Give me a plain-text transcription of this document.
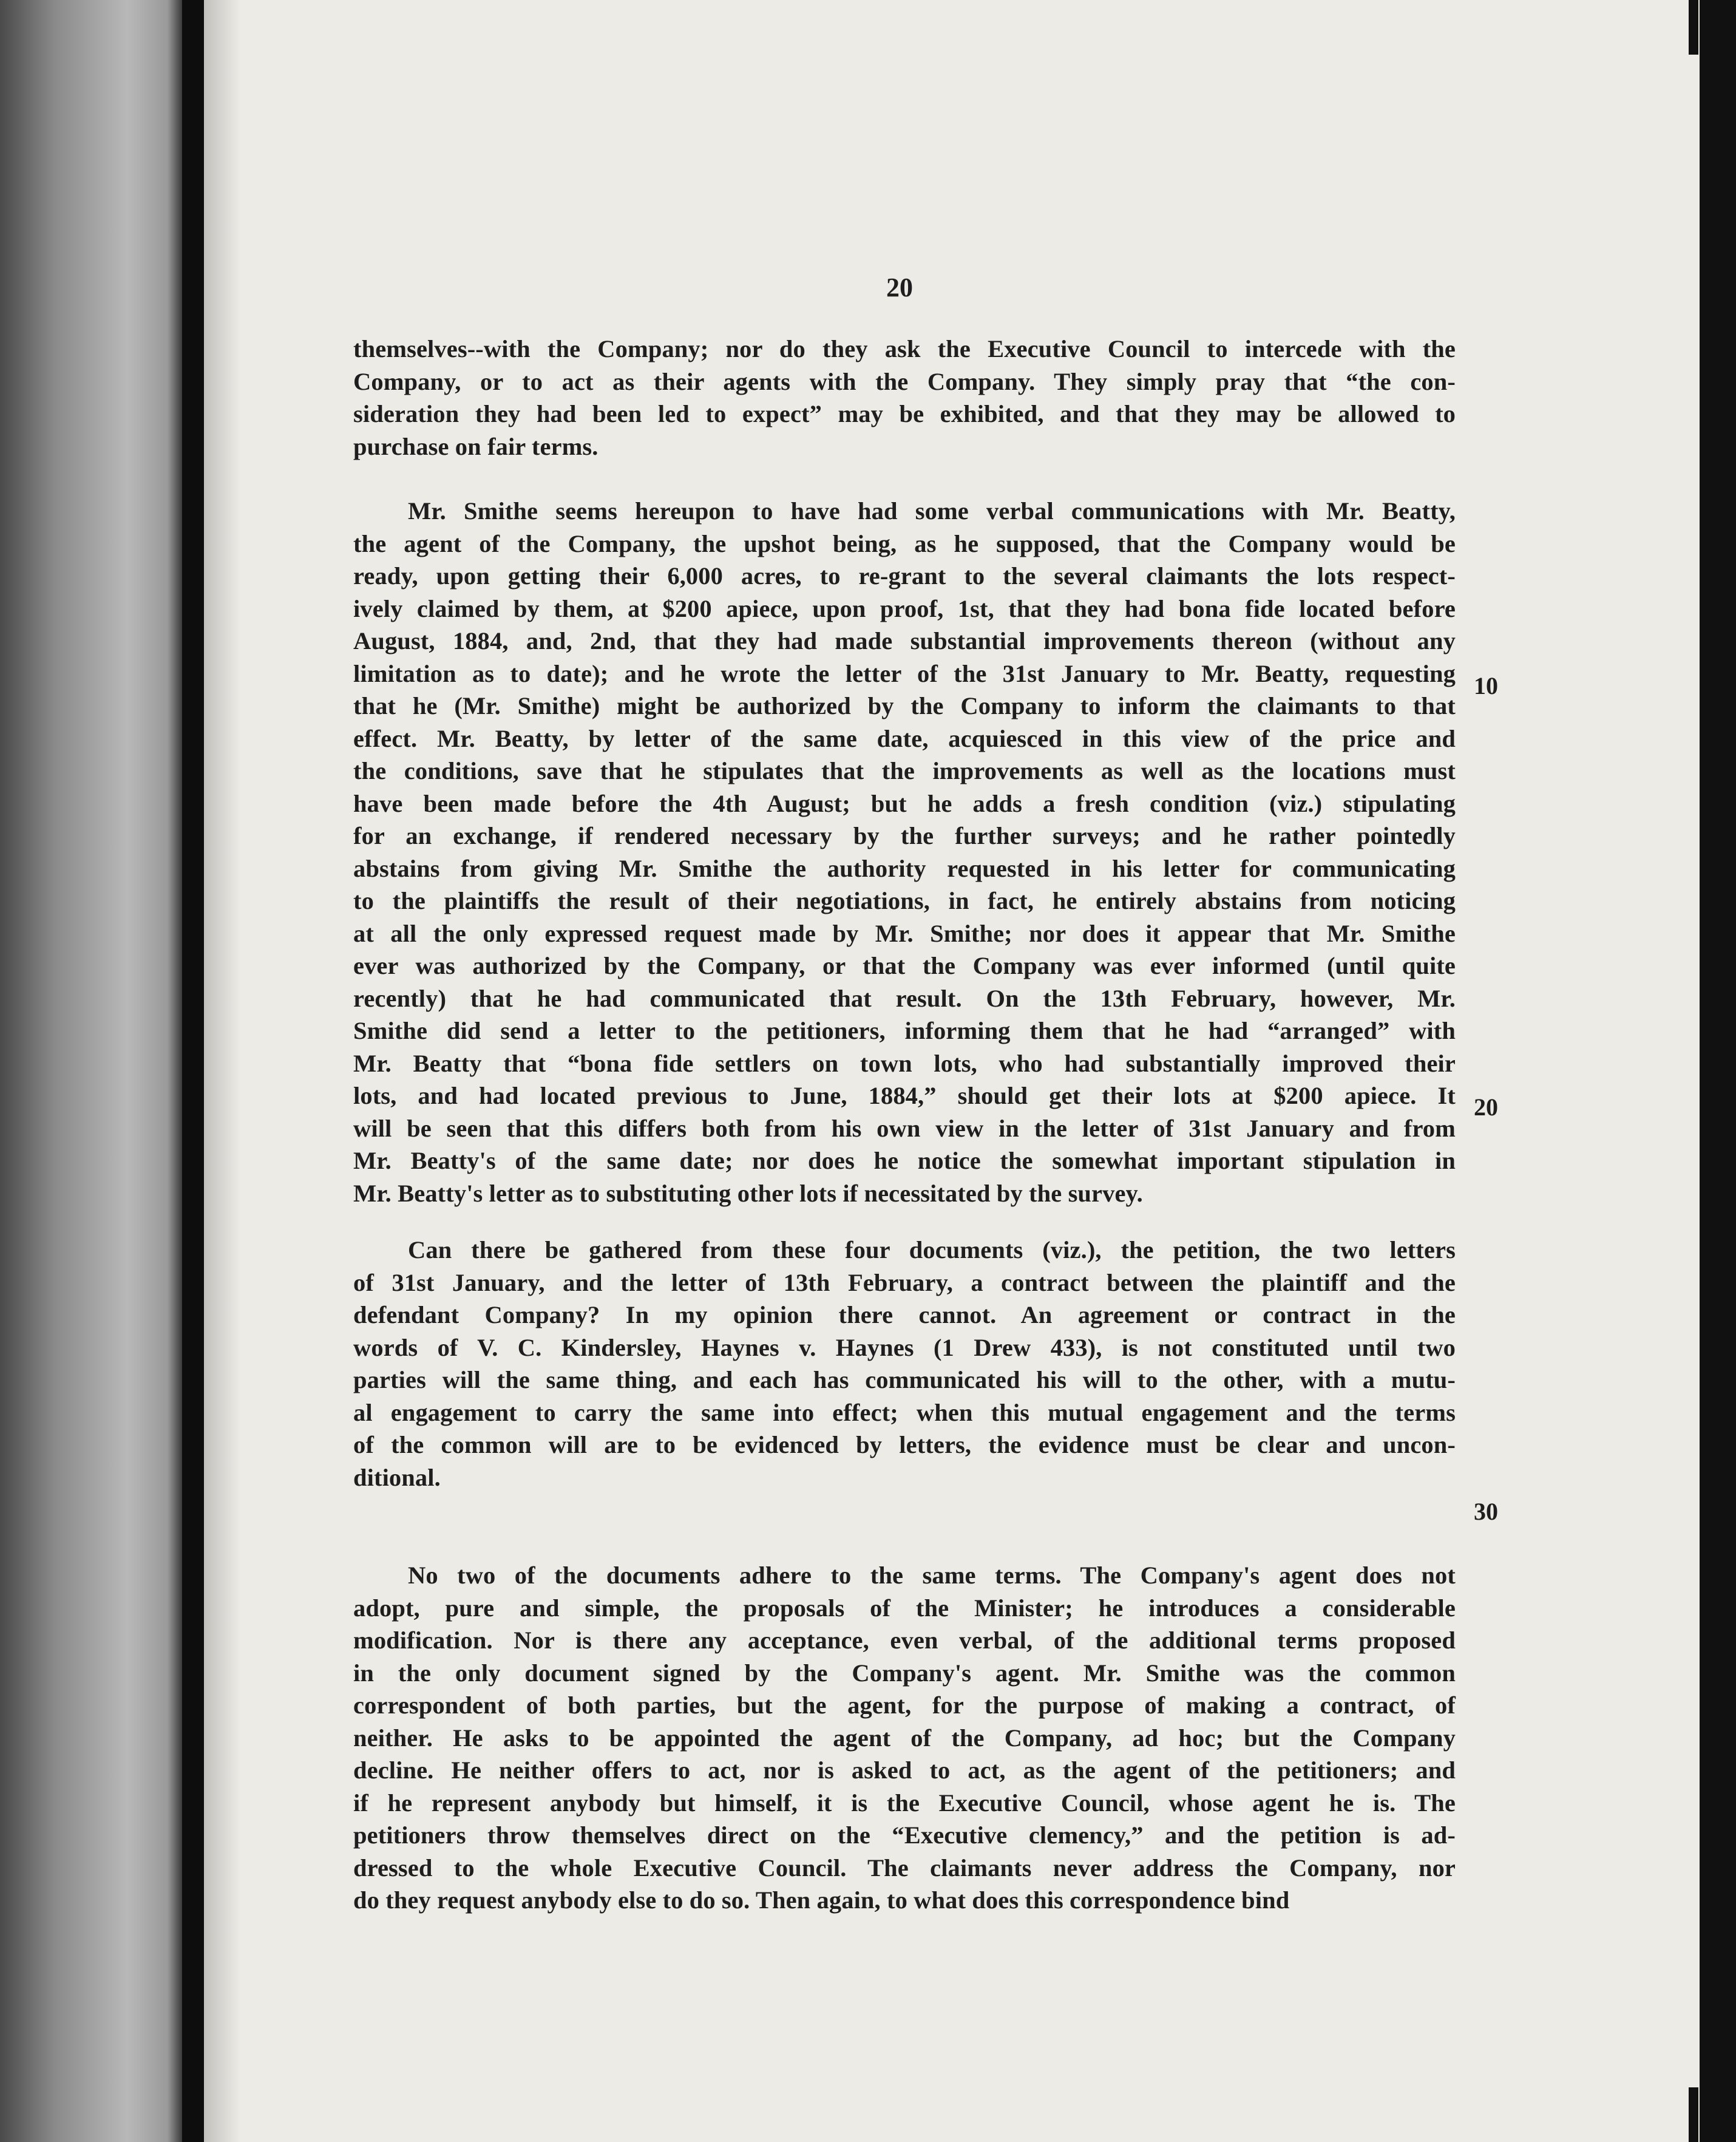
20
themselves--with the Company; nor do they ask the Executive Council to intercede with the
Company, or to act as their agents with the Company. They simply pray that “the con-
sideration they had been led to expect” may be exhibited, and that they may be allowed to
purchase on fair terms.
Mr. Smithe seems hereupon to have had some verbal communications with Mr. Beatty,
the agent of the Company, the upshot being, as he supposed, that the Company would be
ready, upon getting their 6,000 acres, to re-grant to the several claimants the lots respect-
ively claimed by them, at $200 apiece, upon proof, 1st, that they had bona fide located before
August, 1884, and, 2nd, that they had made substantial improvements thereon (without any
limitation as to date); and he wrote the letter of the 31st January to Mr. Beatty, requesting
that he (Mr. Smithe) might be authorized by the Company to inform the claimants to that
effect. Mr. Beatty, by letter of the same date, acquiesced in this view of the price and
the conditions, save that he stipulates that the improvements as well as the locations must
have been made before the 4th August; but he adds a fresh condition (viz.) stipulating
for an exchange, if rendered necessary by the further surveys; and he rather pointedly
abstains from giving Mr. Smithe the authority requested in his letter for communicating
to the plaintiffs the result of their negotiations, in fact, he entirely abstains from noticing
at all the only expressed request made by Mr. Smithe; nor does it appear that Mr. Smithe
ever was authorized by the Company, or that the Company was ever informed (until quite
recently) that he had communicated that result. On the 13th February, however, Mr.
Smithe did send a letter to the petitioners, informing them that he had “arranged” with
Mr. Beatty that “bona fide settlers on town lots, who had substantially improved their
lots, and had located previous to June, 1884,” should get their lots at $200 apiece. It
will be seen that this differs both from his own view in the letter of 31st January and from
Mr. Beatty's of the same date; nor does he notice the somewhat important stipulation in
Mr. Beatty's letter as to substituting other lots if necessitated by the survey.
Can there be gathered from these four documents (viz.), the petition, the two letters
of 31st January, and the letter of 13th February, a contract between the plaintiff and the
defendant Company? In my opinion there cannot. An agreement or contract in the
words of V. C. Kindersley, Haynes v. Haynes (1 Drew 433), is not constituted until two
parties will the same thing, and each has communicated his will to the other, with a mutu-
al engagement to carry the same into effect; when this mutual engagement and the terms
of the common will are to be evidenced by letters, the evidence must be clear and uncon-
ditional.
No two of the documents adhere to the same terms. The Company's agent does not
adopt, pure and simple, the proposals of the Minister; he introduces a considerable
modification. Nor is there any acceptance, even verbal, of the additional terms proposed
in the only document signed by the Company's agent. Mr. Smithe was the common
correspondent of both parties, but the agent, for the purpose of making a contract, of
neither. He asks to be appointed the agent of the Company, ad hoc; but the Company
decline. He neither offers to act, nor is asked to act, as the agent of the petitioners; and
if he represent anybody but himself, it is the Executive Council, whose agent he is. The
petitioners throw themselves direct on the “Executive clemency,” and the petition is ad-
dressed to the whole Executive Council. The claimants never address the Company, nor
do they request anybody else to do so. Then again, to what does this correspondence bind
10
20
30
